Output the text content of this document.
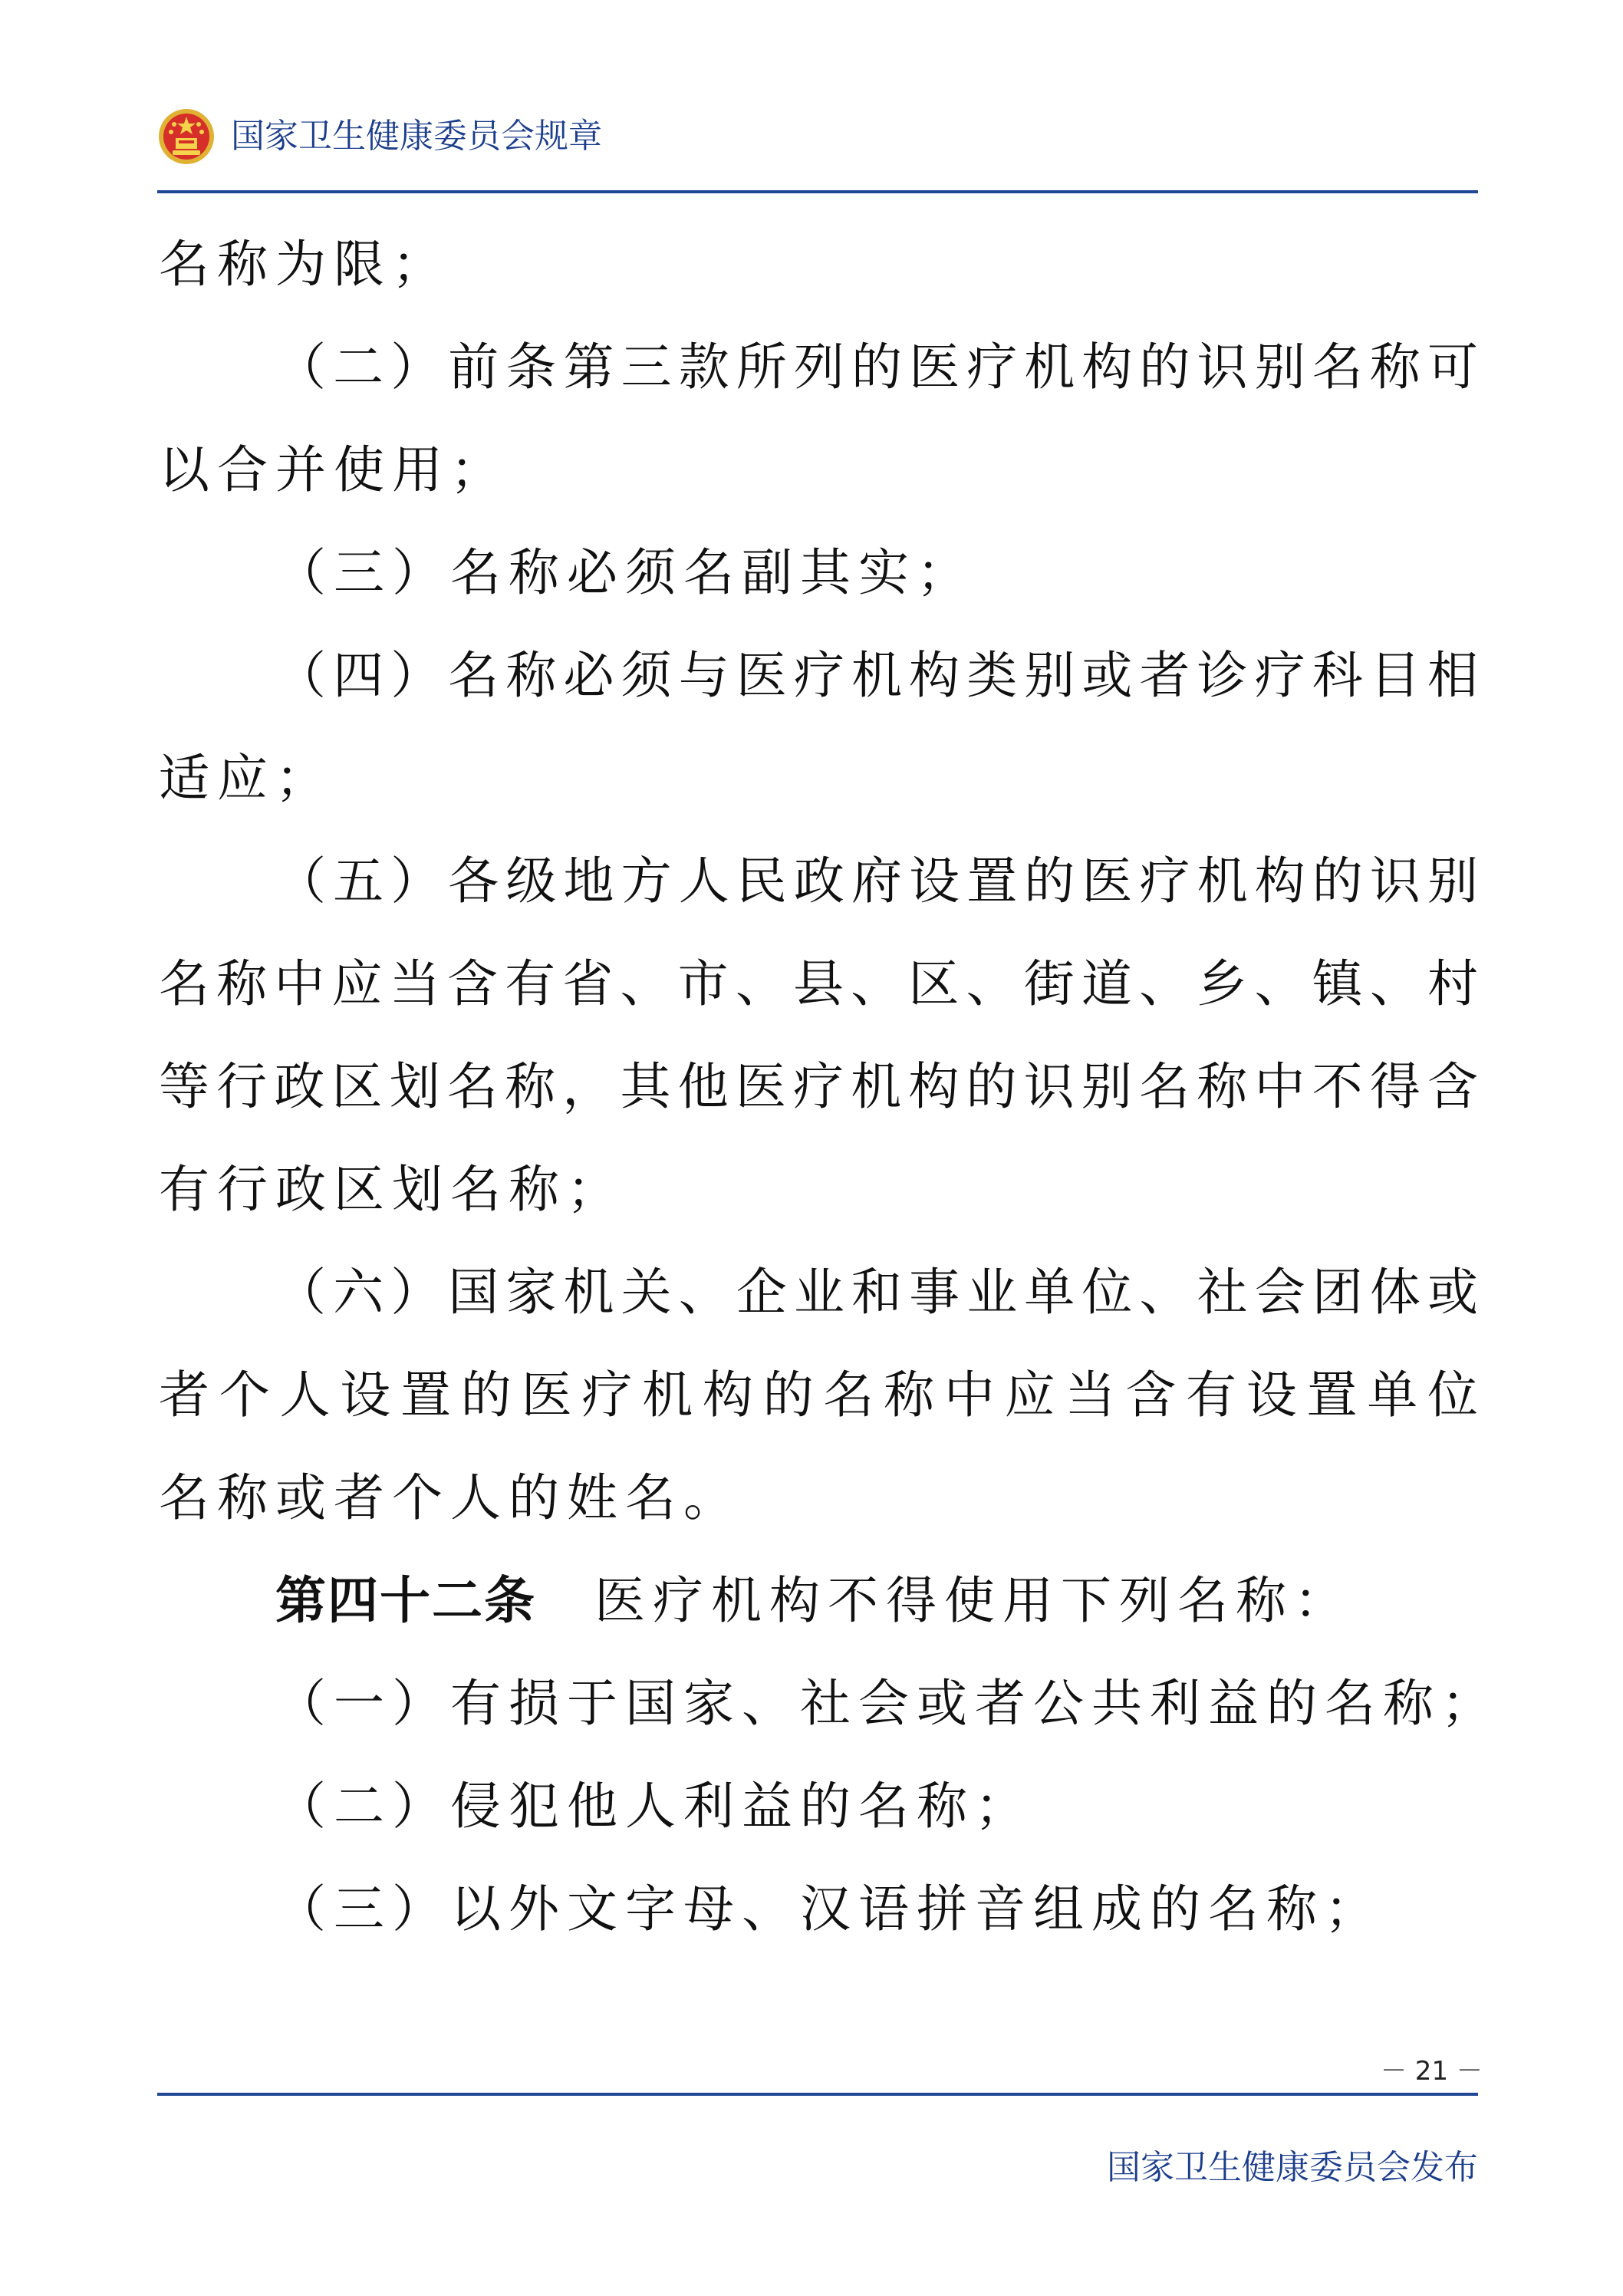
国家卫生健康委员会规章
名称为限；
（二）前条第三款所列的医疗机构的识别名称可
以合并使用；
（三）名称必须名副其实；
（四）名称必须与医疗机构类别或者诊疗科目相
适应；
（五）各级地方人民政府设置的医疗机构的识别
名称中应当含有省、市、县、区、街道、乡、镇、村
等行政区划名称，其他医疗机构的识别名称中不得含
有行政区划名称；
（六）国家机关、企业和事业单位、社会团体或
者个人设置的医疗机构的名称中应当含有设置单位
名称或者个人的姓名。
第四十二条 医疗机构不得使用下列名称：
（一）有损于国家、社会或者公共利益的名称；
（二）侵犯他人利益的名称；
（三）以外文字母、汉语拼音组成的名称；
－ 21 －
国家卫生健康委员会发布
